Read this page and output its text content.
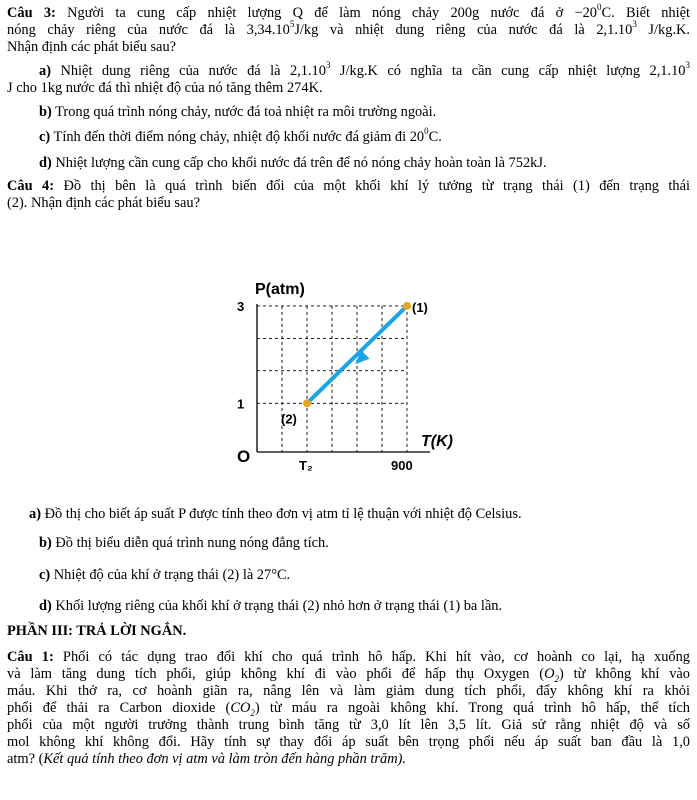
Câu 3: Người ta cung cấp nhiệt lượng Q để làm nóng chảy 200g nước đá ở $-20^0C$. Biết nhiệt
nóng chảy riêng của nước đá là 3,34.10$^5$J/kg và nhiệt dung riêng của nước đá là 2,1.10$^3$ J/kg.K.
Nhận định các phát biểu sau?
a) Nhiệt dung riêng của nước đá là 2,1.10$^3$ J/kg.K có nghĩa ta cần cung cấp nhiệt lượng 2,1.10$^3$
J cho 1kg nước đá thì nhiệt độ của nó tăng thêm 274K.
b) Trong quá trình nóng chảy, nước đá toả nhiệt ra môi trường ngoài.
c) Tính đến thời điểm nóng chảy, nhiệt độ khối nước đá giảm đi $20^0C$.
d) Nhiệt lượng cần cung cấp cho khối nước đá trên để nó nóng chảy hoàn toàn là 752kJ.
Câu 4: Đồ thị bên là quá trình biến đổi của một khối khí lý tưởng từ trạng thái (1) đến trạng thái
(2). Nhận định các phát biểu sau?
P(atm)
T(K)
O
3
1
T₂	900
(1)
(2)
a) Đồ thị cho biết áp suất P được tính theo đơn vị atm tỉ lệ thuận với nhiệt độ Celsius.
b) Đồ thị biểu diễn quá trình nung nóng đẳng tích.
c) Nhiệt độ của khí ở trạng thái (2) là 27°C.
d) Khối lượng riêng của khối khí ở trạng thái (2) nhỏ hơn ở trạng thái (1) ba lần.
PHẦN III: TRẢ LỜI NGẮN.
Câu 1: Phổi có tác dụng trao đổi khí cho quá trình hô hấp. Khi hít vào, cơ hoành co lại, hạ xuống
và làm tăng dung tích phổi, giúp không khí đi vào phổi để hấp thụ Oxygen $(O_2)$ từ không khí vào
máu. Khi thở ra, cơ hoành giãn ra, nâng lên và làm giảm dung tích phổi, đẩy không khí ra khỏi
phổi để thải ra Carbon dioxide $(CO_2)$ từ máu ra ngoài không khí. Trong quá trình hô hấp, thể tích
phổi của một người trưởng thành trung bình tăng từ 3,0 lít lên 3,5 lít. Giả sử rằng nhiệt độ và số
mol không khí không đổi. Hãy tính sự thay đổi áp suất bên trọng phổi nếu áp suất ban đầu là 1,0
atm? (Kết quả tính theo đơn vị atm và làm tròn đến hàng phần trăm).
